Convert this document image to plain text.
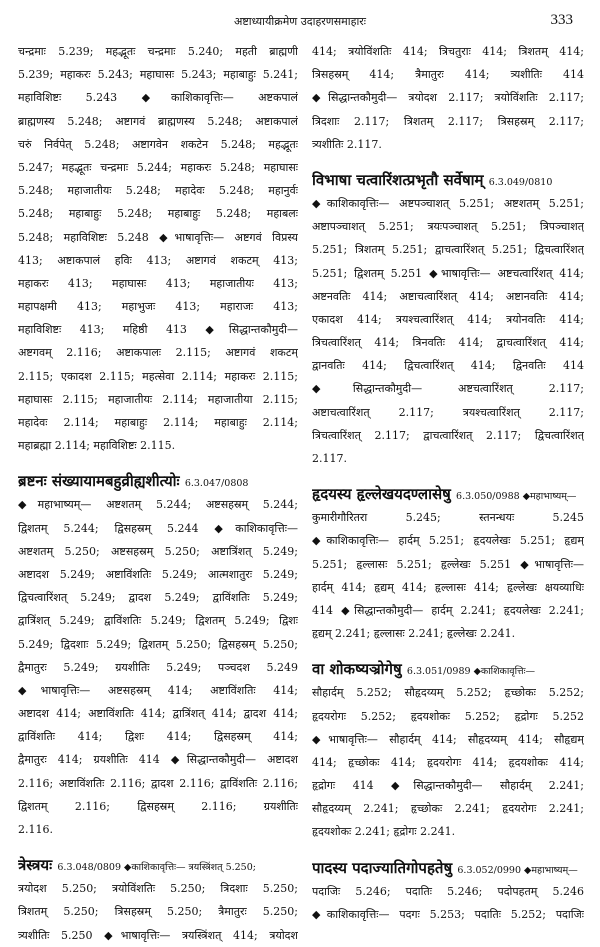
अष्टाध्यायीक्रमेण उदाहरणसमाहारः	333
चन्द्रमाः 5.239; महद्भूतः चन्द्रमाः 5.240; महती ब्राह्मणी
5.239; महाकरः 5.243; महाघासः 5.243; महाबाहुः 5.241;
महाविशिष्टः 5.243 ◆काशिकावृत्तिः— अष्टकपालं
ब्राह्मणस्य 5.248; अष्टागवं ब्राह्मणस्य 5.248; अष्टाकपालं
चरुं निर्वपेत् 5.248; अष्टागवेन शकटेन 5.248; महद्भूतः
5.247; महद्भूतः चन्द्रमाः 5.244; महाकरः 5.248; महाघासः
5.248; महाजातीयः 5.248; महादेवः 5.248; महानुर्वः
5.248; महाबाहुः 5.248; महाबाहुः 5.248; महाबलः
5.248; महाविशिष्टः 5.248 ◆भाषावृत्तिः— अष्टगवं विप्रस्य
413; अष्टाकपालं हविः 413; अष्टागवं शकटम् 413;
महाकरः 413; महाघासः 413; महाजातीयः 413;
महापक्षमी 413; महाभुजः 413; महाराजः 413;
महाविशिष्टः 413; महिष्ठी 413 ◆सिद्धान्तकौमुदी—
अष्टगवम् 2.116; अष्टाकपालः 2.115; अष्टागवं शकटम्
2.115; एकादश 2.115; महत्सेवा 2.114; महाकरः 2.115;
महाघासः 2.115; महाजातीयः 2.114; महाजातीया 2.115;
महादेवः 2.114; महाबाहुः 2.114; महाबाहुः 2.114;
महाब्रह्मा 2.114; महाविशिष्टः 2.115.
ब्रष्टनः संख्यायामबहुव्रीह्यशीत्योः 6.3.047/0808
◆महाभाष्यम्— अष्टशतम् 5.244; अष्टसहस्रम् 5.244;
द्विशतम् 5.244; द्विसहस्रम् 5.244 ◆काशिकावृत्तिः—
अष्टशतम् 5.250; अष्टसहस्रम् 5.250; अष्टात्रिंशत् 5.249;
अष्टादश 5.249; अष्टाविंशतिः 5.249; आत्मशातुरः 5.249;
द्विचत्वारिंशत् 5.249; द्वादश 5.249; द्वाविंशतिः 5.249;
द्वात्रिंशत् 5.249; द्वाविंशतिः 5.249; द्विशतम् 5.249; द्विशः
5.249; द्विदशाः 5.249; द्विशतम् 5.250; द्विसहस्रम् 5.250;
द्वैमातुरः 5.249; ग्रयशीतिः 5.249; पञ्चदश 5.249
◆भाषावृत्तिः— अष्टसहस्रम् 414; अष्टाविंशतिः 414;
अष्टादश 414; अष्टाविंशतिः 414; द्वात्रिंशत् 414; द्वादश 414;
द्वाविंशतिः 414; द्विशः 414; द्विसहस्रम् 414;
द्वैमातुरः 414; ग्रयशीतिः 414 ◆सिद्धान्तकौमुदी— अष्टादश
2.116; अष्टाविंशतिः 2.116; द्वादश 2.116; द्वाविंशतिः 2.116;
द्विशतम् 2.116; द्विसहस्रम् 2.116; ग्रयशीतिः
2.116.
त्रेस्त्रयः 6.3.048/0809 ◆काशिकावृत्तिः— त्रयस्त्रिंशत् 5.250;
त्रयोदश 5.250; त्रयोविंशतिः 5.250; त्रिदशाः 5.250;
त्रिशतम् 5.250; त्रिसहस्रम् 5.250; त्रैमातुरः 5.250;
त्र्यशीतिः 5.250 ◆भाषावृत्तिः— त्रयस्त्रिंशत् 414; त्रयोदश
414; त्रयोविंशतिः 414; त्रिचतुराः 414; त्रिशतम् 414;
त्रिसहस्रम् 414; त्रैमातुरः 414; त्र्यशीतिः 414
◆सिद्धान्तकौमुदी— त्रयोदश 2.117; त्रयोविंशतिः 2.117;
त्रिदशाः 2.117; त्रिशतम् 2.117; त्रिसहस्रम् 2.117;
त्र्यशीतिः 2.117.
विभाषा चत्वारिंशत्प्रभृतौ सर्वेषाम् 6.3.049/0810
◆काशिकावृत्तिः— अष्टपञ्चाशत् 5.251; अष्टशतम् 5.251;
अष्टापञ्चाशत् 5.251; त्रयःपञ्चाशत् 5.251; त्रिपञ्चाशत्
5.251; त्रिशतम् 5.251; द्वाचत्वारिंशत् 5.251; द्विचत्वारिंशत्
5.251; द्विशतम् 5.251 ◆भाषावृत्तिः— अष्टचत्वारिंशत् 414;
अष्टनवतिः 414; अष्टाचत्वारिंशत् 414; अष्टानवतिः 414;
एकादश 414; त्रयश्चत्वारिंशत् 414; त्रयोनवतिः 414;
त्रिचत्वारिंशत् 414; त्रिनवतिः 414; द्वाचत्वारिंशत् 414;
द्वानवतिः 414; द्विचत्वारिंशत् 414; द्विनवतिः 414
◆सिद्धान्तकौमुदी— अष्टचत्वारिंशत् 2.117;
अष्टाचत्वारिंशत् 2.117; त्रयश्चत्वारिंशत् 2.117;
त्रिचत्वारिंशत् 2.117; द्वाचत्वारिंशत् 2.117; द्विचत्वारिंशत्
2.117.
हृदयस्य हृल्लेखयदण्लासेषु 6.3.050/0988 ◆महाभाष्यम्—
कुमारीगौरितरा 5.245; स्तनन्धयः 5.245
◆काशिकावृत्तिः— हार्दम् 5.251; हृदयलेखः 5.251; हृद्यम्
5.251; हृल्लासः 5.251; हृल्लेखः 5.251 ◆भाषावृत्तिः—
हार्दम् 414; हृद्यम् 414; हृल्लासः 414; हृल्लेखः क्षयव्याधिः
414 ◆सिद्धान्तकौमुदी— हार्दम् 2.241; हृदयलेखः 2.241;
हृद्यम् 2.241; हृल्लासः 2.241; हृल्लेखः 2.241.
वा शोकष्यञ्रोगेषु 6.3.051/0989 ◆काशिकावृत्तिः—
सौहार्दम् 5.252; सौहृदय्यम् 5.252; हृच्छोकः 5.252;
हृदयरोगः 5.252; हृदयशोकः 5.252; हृद्रोगः 5.252
◆भाषावृत्तिः— सौहार्दम् 414; सौहृदय्यम् 414; सौहृद्यम्
414; हृच्छोकः 414; हृदयरोगः 414; हृदयशोकः 414;
हृद्रोगः 414 ◆सिद्धान्तकौमुदी— सौहार्दम् 2.241;
सौहृदय्यम् 2.241; हृच्छोकः 2.241; हृदयरोगः 2.241;
हृदयशोकः 2.241; हृद्रोगः 2.241.
पादस्य पदाज्यातिगोपहतेषु 6.3.052/0990 ◆महाभाष्यम्—
पदाजिः 5.246; पदातिः 5.246; पदोपहतम् 5.246
◆काशिकावृत्तिः— पदगः 5.253; पदातिः 5.252; पदाजिः
